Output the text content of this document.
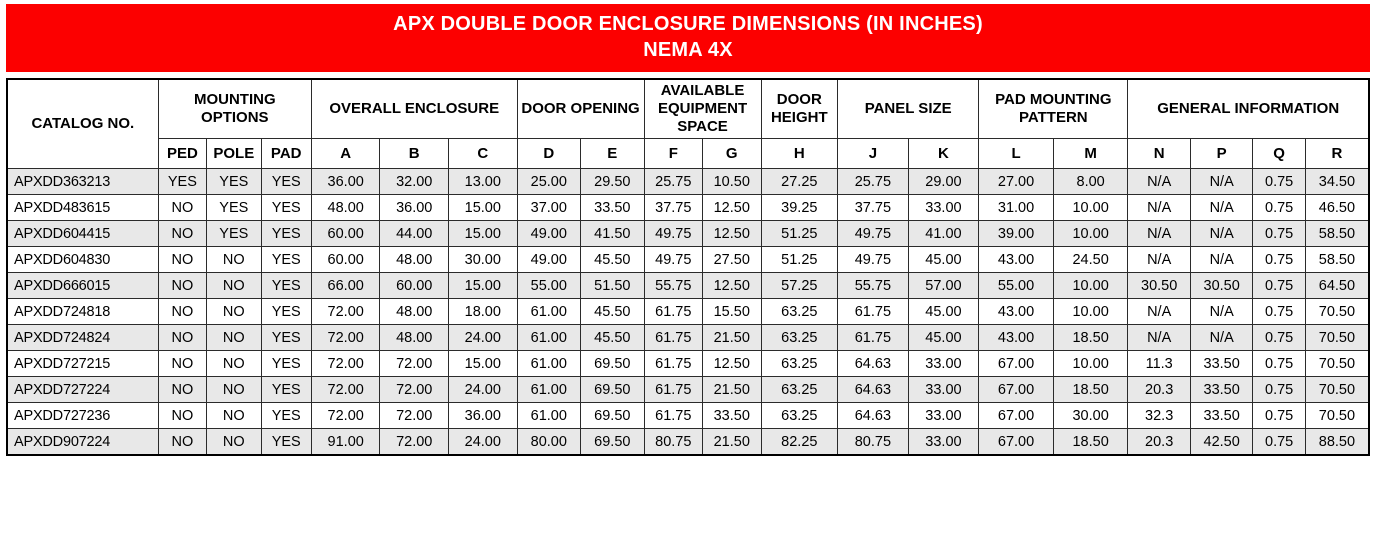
APX DOUBLE DOOR ENCLOSURE DIMENSIONS (IN INCHES)
NEMA 4X
CATALOG NO.	MOUNTING OPTIONS			OVERALL ENCLOSURE			DOOR OPENING		AVAILABLE EQUIPMENT SPACE		DOOR HEIGHT	PANEL SIZE		PAD MOUNTING PATTERN		GENERAL INFORMATION			
	PED	POLE	PAD	A	B	C	D	E	F	G	H	J	K	L	M	N	P	Q	R
APXDD363213	YES	YES	YES	36.00	32.00	13.00	25.00	29.50	25.75	10.50	27.25	25.75	29.00	27.00	8.00	N/A	N/A	0.75	34.50
APXDD483615	NO	YES	YES	48.00	36.00	15.00	37.00	33.50	37.75	12.50	39.25	37.75	33.00	31.00	10.00	N/A	N/A	0.75	46.50
APXDD604415	NO	YES	YES	60.00	44.00	15.00	49.00	41.50	49.75	12.50	51.25	49.75	41.00	39.00	10.00	N/A	N/A	0.75	58.50
APXDD604830	NO	NO	YES	60.00	48.00	30.00	49.00	45.50	49.75	27.50	51.25	49.75	45.00	43.00	24.50	N/A	N/A	0.75	58.50
APXDD666015	NO	NO	YES	66.00	60.00	15.00	55.00	51.50	55.75	12.50	57.25	55.75	57.00	55.00	10.00	30.50	30.50	0.75	64.50
APXDD724818	NO	NO	YES	72.00	48.00	18.00	61.00	45.50	61.75	15.50	63.25	61.75	45.00	43.00	10.00	N/A	N/A	0.75	70.50
APXDD724824	NO	NO	YES	72.00	48.00	24.00	61.00	45.50	61.75	21.50	63.25	61.75	45.00	43.00	18.50	N/A	N/A	0.75	70.50
APXDD727215	NO	NO	YES	72.00	72.00	15.00	61.00	69.50	61.75	12.50	63.25	64.63	33.00	67.00	10.00	11.3	33.50	0.75	70.50
APXDD727224	NO	NO	YES	72.00	72.00	24.00	61.00	69.50	61.75	21.50	63.25	64.63	33.00	67.00	18.50	20.3	33.50	0.75	70.50
APXDD727236	NO	NO	YES	72.00	72.00	36.00	61.00	69.50	61.75	33.50	63.25	64.63	33.00	67.00	30.00	32.3	33.50	0.75	70.50
APXDD907224	NO	NO	YES	91.00	72.00	24.00	80.00	69.50	80.75	21.50	82.25	80.75	33.00	67.00	18.50	20.3	42.50	0.75	88.50
